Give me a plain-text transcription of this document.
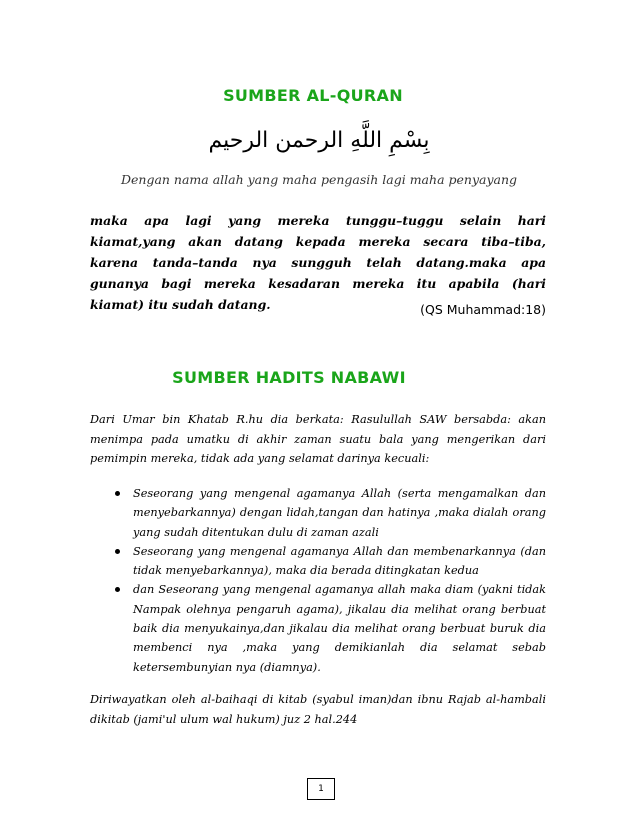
SUMBER AL-QURAN
بِسْمِ اللَّهِ الرحمن الرحيم
Dengan nama allah yang maha pengasih lagi maha penyayang
maka apa lagi yang mereka tunggu–tuggu selain hari kiamat,yang akan datang kepada mereka secara tiba–tiba, karena tanda–tanda nya sungguh telah datang.maka apa gunanya bagi mereka kesadaran mereka itu apabila (hari kiamat) itu sudah datang.	(QS Muhammad:18)
SUMBER HADITS NABAWI
Dari Umar bin Khatab R.hu dia berkata: Rasulullah SAW bersabda: akan menimpa pada umatku di akhir zaman suatu bala yang mengerikan dari pemimpin mereka, tidak ada yang selamat darinya kecuali:
Seseorang yang mengenal agamanya Allah (serta mengamalkan dan menyebarkannya) dengan lidah,tangan dan hatinya ,maka dialah orang yang sudah ditentukan dulu di zaman azali
Seseorang yang mengenal agamanya Allah dan membenarkannya (dan tidak menyebarkannya), maka dia berada ditingkatan kedua
dan Seseorang yang mengenal agamanya allah maka diam (yakni tidak Nampak olehnya pengaruh agama), jikalau dia melihat orang berbuat baik dia menyukainya,dan jikalau dia melihat orang berbuat buruk dia membenci nya ,maka yang demikianlah dia selamat sebab ketersembunyian nya (diamnya).
Diriwayatkan oleh al-baihaqi di kitab (syabul iman)dan ibnu Rajab al-hambali dikitab (jami'ul ulum wal hukum) juz 2 hal.244
1
